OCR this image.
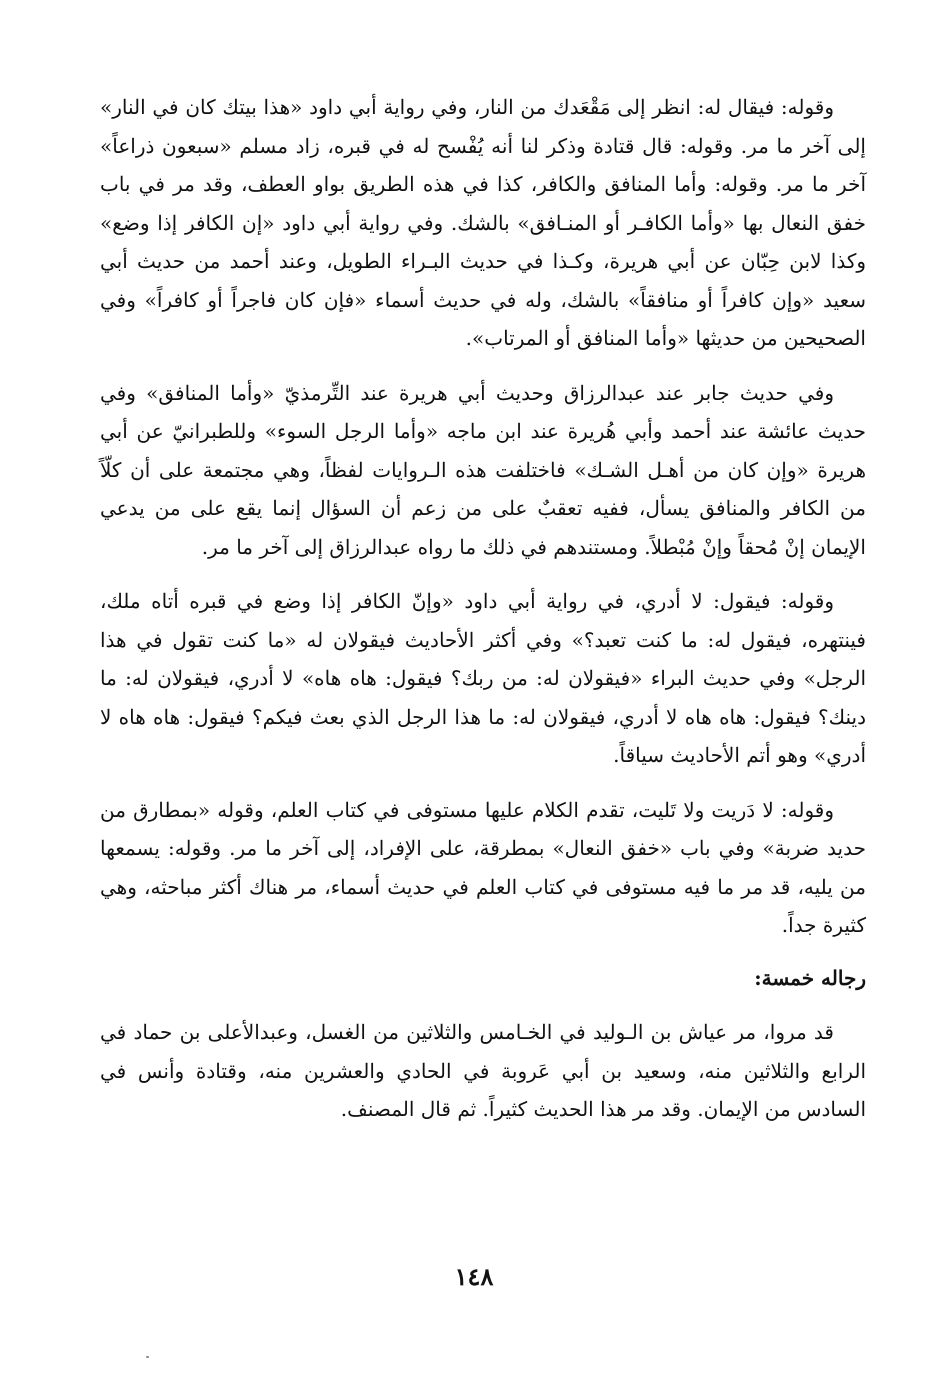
وقوله: فيقال له: انظر إلى مَقْعَدك من النار، وفي رواية أبي داود «هذا بيتك كان في النار» إلى آخر ما مر. وقوله: قال قتادة وذكر لنا أنه يُفْسح له في قبره، زاد مسلم «سبعون ذراعاً» آخر ما مر. وقوله: وأما المنافق والكافر، كذا في هذه الطريق بواو العطف، وقد مر في باب خفق النعال بها «وأما الكافـر أو المنـافق» بالشك. وفي رواية أبي داود «إن الكافر إذا وضع» وكذا لابن حِبّان عن أبي هريرة، وكـذا في حديث البـراء الطويل، وعند أحمد من حديث أبي سعيد «وإن كافراً أو منافقاً» بالشك، وله في حديث أسماء «فإن كان فاجراً أو كافراً» وفي الصحيحين من حديثها «وأما المنافق أو المرتاب».

وفي حديث جابر عند عبدالرزاق وحديث أبي هريرة عند التِّرمذيّ «وأما المنافق» وفي حديث عائشة عند أحمد وأبي هُريرة عند ابن ماجه «وأما الرجل السوء» وللطبرانيّ عن أبي هريرة «وإن كان من أهـل الشـك» فاختلفت هذه الـروايات لفظاً، وهي مجتمعة على أن كلّاً من الكافر والمنافق يسأل، ففيه تعقبٌ على من زعم أن السؤال إنما يقع على من يدعي الإيمان إنْ مُحقاً وإنْ مُبْطلاً. ومستندهم في ذلك ما رواه عبدالرزاق إلى آخر ما مر.

وقوله: فيقول: لا أدري، في رواية أبي داود «وإنّ الكافر إذا وضع في قبره أتاه ملك، فينتهره، فيقول له: ما كنت تعبد؟» وفي أكثر الأحاديث فيقولان له «ما كنت تقول في هذا الرجل» وفي حديث البراء «فيقولان له: من ربك؟ فيقول: هاه هاه» لا أدري، فيقولان له: ما دينك؟ فيقول: هاه هاه لا أدري، فيقولان له: ما هذا الرجل الذي بعث فيكم؟ فيقول: هاه هاه لا أدري» وهو أتم الأحاديث سياقاً.

وقوله: لا دَريت ولا تَليت، تقدم الكلام عليها مستوفى في كتاب العلم، وقوله «بمطارق من حديد ضربة» وفي باب «خفق النعال» بمطرقة، على الإفراد، إلى آخر ما مر. وقوله: يسمعها من يليه، قد مر ما فيه مستوفى في كتاب العلم في حديث أسماء، مر هناك أكثر مباحثه، وهي كثيرة جداً.

رجاله خمسة:

قد مروا، مر عياش بن الـوليد في الخـامس والثلاثين من الغسل، وعبدالأعلى بن حماد في الرابع والثلاثين منه، وسعيد بن أبي عَروبة في الحادي والعشرين منه، وقتادة وأنس في السادس من الإيمان. وقد مر هذا الحديث كثيراً. ثم قال المصنف.

١٤٨
